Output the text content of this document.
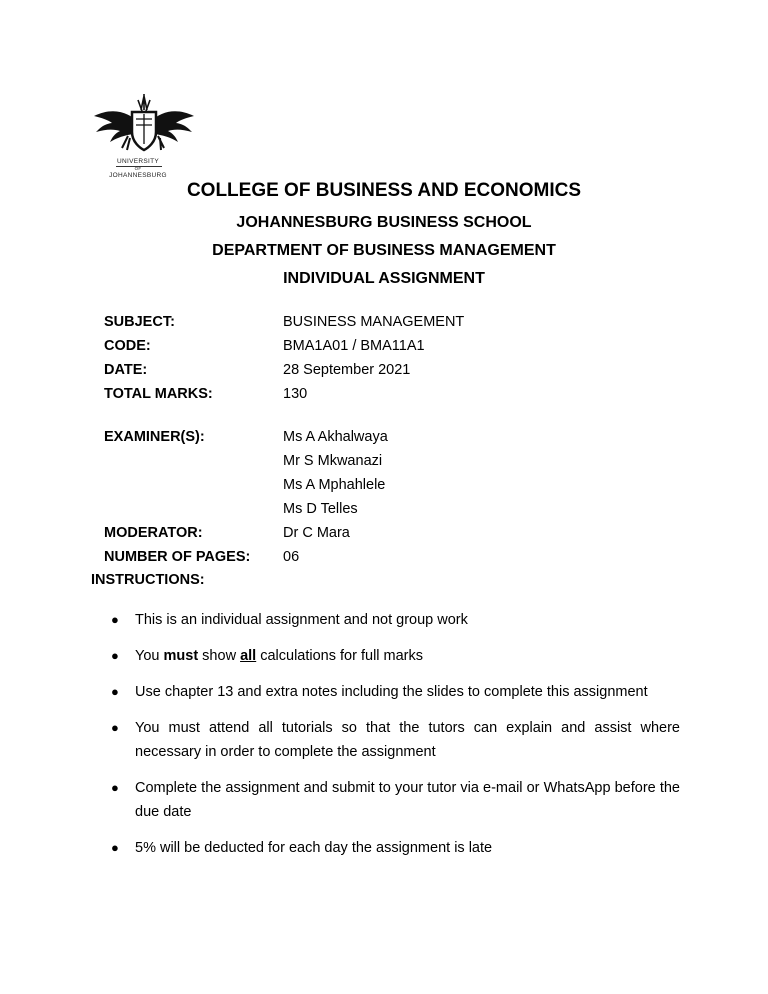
UNIVERSITY
OF
JOHANNESBURG
COLLEGE OF BUSINESS AND ECONOMICS
JOHANNESBURG BUSINESS SCHOOL
DEPARTMENT OF BUSINESS MANAGEMENT
INDIVIDUAL ASSIGNMENT
SUBJECT:	BUSINESS MANAGEMENT
CODE:	BMA1A01 / BMA11A1
DATE:	28 September 2021
TOTAL MARKS:	130
EXAMINER(S):	Ms A Akhalwaya
Mr S Mkwanazi
Ms A Mphahlele
Ms D Telles
MODERATOR:	Dr C Mara
NUMBER OF PAGES: 06
INSTRUCTIONS:
● This is an individual assignment and not group work
● You must show all calculations for full marks
● Use chapter 13 and extra notes including the slides to complete this assignment
● You must attend all tutorials so that the tutors can explain and assist where necessary in order to complete the assignment
● Complete the assignment and submit to your tutor via e-mail or WhatsApp before the due date
● 5% will be deducted for each day the assignment is late
